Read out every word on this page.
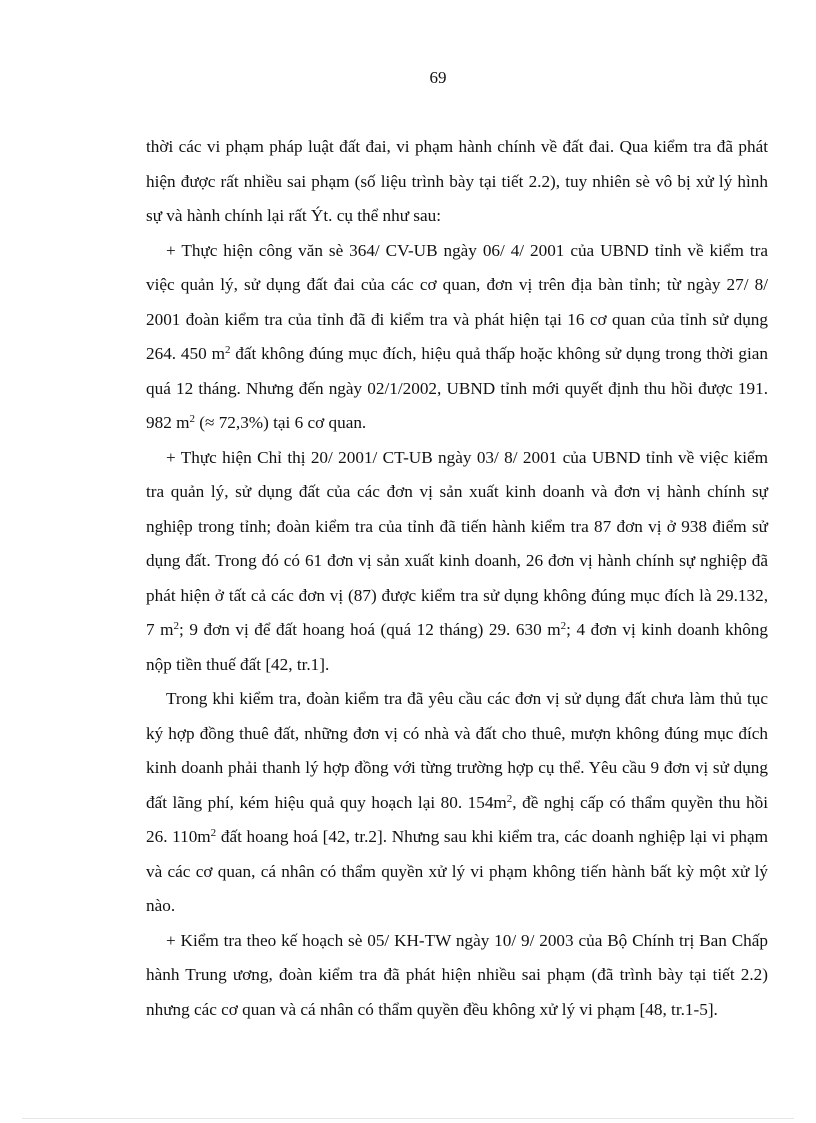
69

thời các vi phạm pháp luật đất đai, vi phạm hành chính về đất đai. Qua kiểm tra đã phát hiện được rất nhiều sai phạm (số liệu trình bày tại tiết 2.2), tuy nhiên sè vô bị xử lý hình sự và hành chính lại rất Ýt. cụ thể như sau:

+ Thực hiện công văn sè 364/ CV-UB ngày 06/ 4/ 2001 của UBND tỉnh về kiểm tra việc quản lý, sử dụng đất đai của các cơ quan, đơn vị trên địa bàn tỉnh; từ ngày 27/ 8/ 2001 đoàn kiểm tra của tỉnh đã đi kiểm tra và phát hiện tại 16 cơ quan của tỉnh sử dụng 264. 450 $m^2$ đất không đúng mục đích, hiệu quả thấp hoặc không sử dụng trong thời gian quá 12 tháng. Nhưng đến ngày 02/1/2002, UBND tỉnh mới quyết định thu hồi được 191. 982 $m^2$ (≈ 72,3%) tại 6 cơ quan.

+ Thực hiện Chỉ thị 20/ 2001/ CT-UB ngày 03/ 8/ 2001 của UBND tỉnh về việc kiểm tra quản lý, sử dụng đất của các đơn vị sản xuất kinh doanh và đơn vị hành chính sự nghiệp trong tỉnh; đoàn kiểm tra của tỉnh đã tiến hành kiểm tra 87 đơn vị ở 938 điểm sử dụng đất. Trong đó có 61 đơn vị sản xuất kinh doanh, 26 đơn vị hành chính sự nghiệp đã phát hiện ở tất cả các đơn vị (87) được kiểm tra sử dụng không đúng mục đích là 29.132, 7 $m^2$; 9 đơn vị để đất hoang hoá (quá 12 tháng) 29. 630 $m^2$; 4 đơn vị kinh doanh không nộp tiền thuế đất [42, tr.1].

Trong khi kiểm tra, đoàn kiểm tra đã yêu cầu các đơn vị sử dụng đất chưa làm thủ tục ký hợp đồng thuê đất, những đơn vị có nhà và đất cho thuê, mượn không đúng mục đích kinh doanh phải thanh lý hợp đồng với từng trường hợp cụ thể. Yêu cầu 9 đơn vị sử dụng đất lãng phí, kém hiệu quả quy hoạch lại 80. $154m^2$, đề nghị cấp có thẩm quyền thu hồi 26. $110m^2$ đất hoang hoá [42, tr.2]. Nhưng sau khi kiểm tra, các doanh nghiệp lại vi phạm và các cơ quan, cá nhân có thẩm quyền xử lý vi phạm không tiến hành bất kỳ một xử lý nào.

+ Kiểm tra theo kế hoạch sè 05/ KH-TW ngày 10/ 9/ 2003 của Bộ Chính trị Ban Chấp hành Trung ương, đoàn kiểm tra đã phát hiện nhiều sai phạm (đã trình bày tại tiết 2.2) nhưng các cơ quan và cá nhân có thẩm quyền đều không xử lý vi phạm [48, tr.1-5].
